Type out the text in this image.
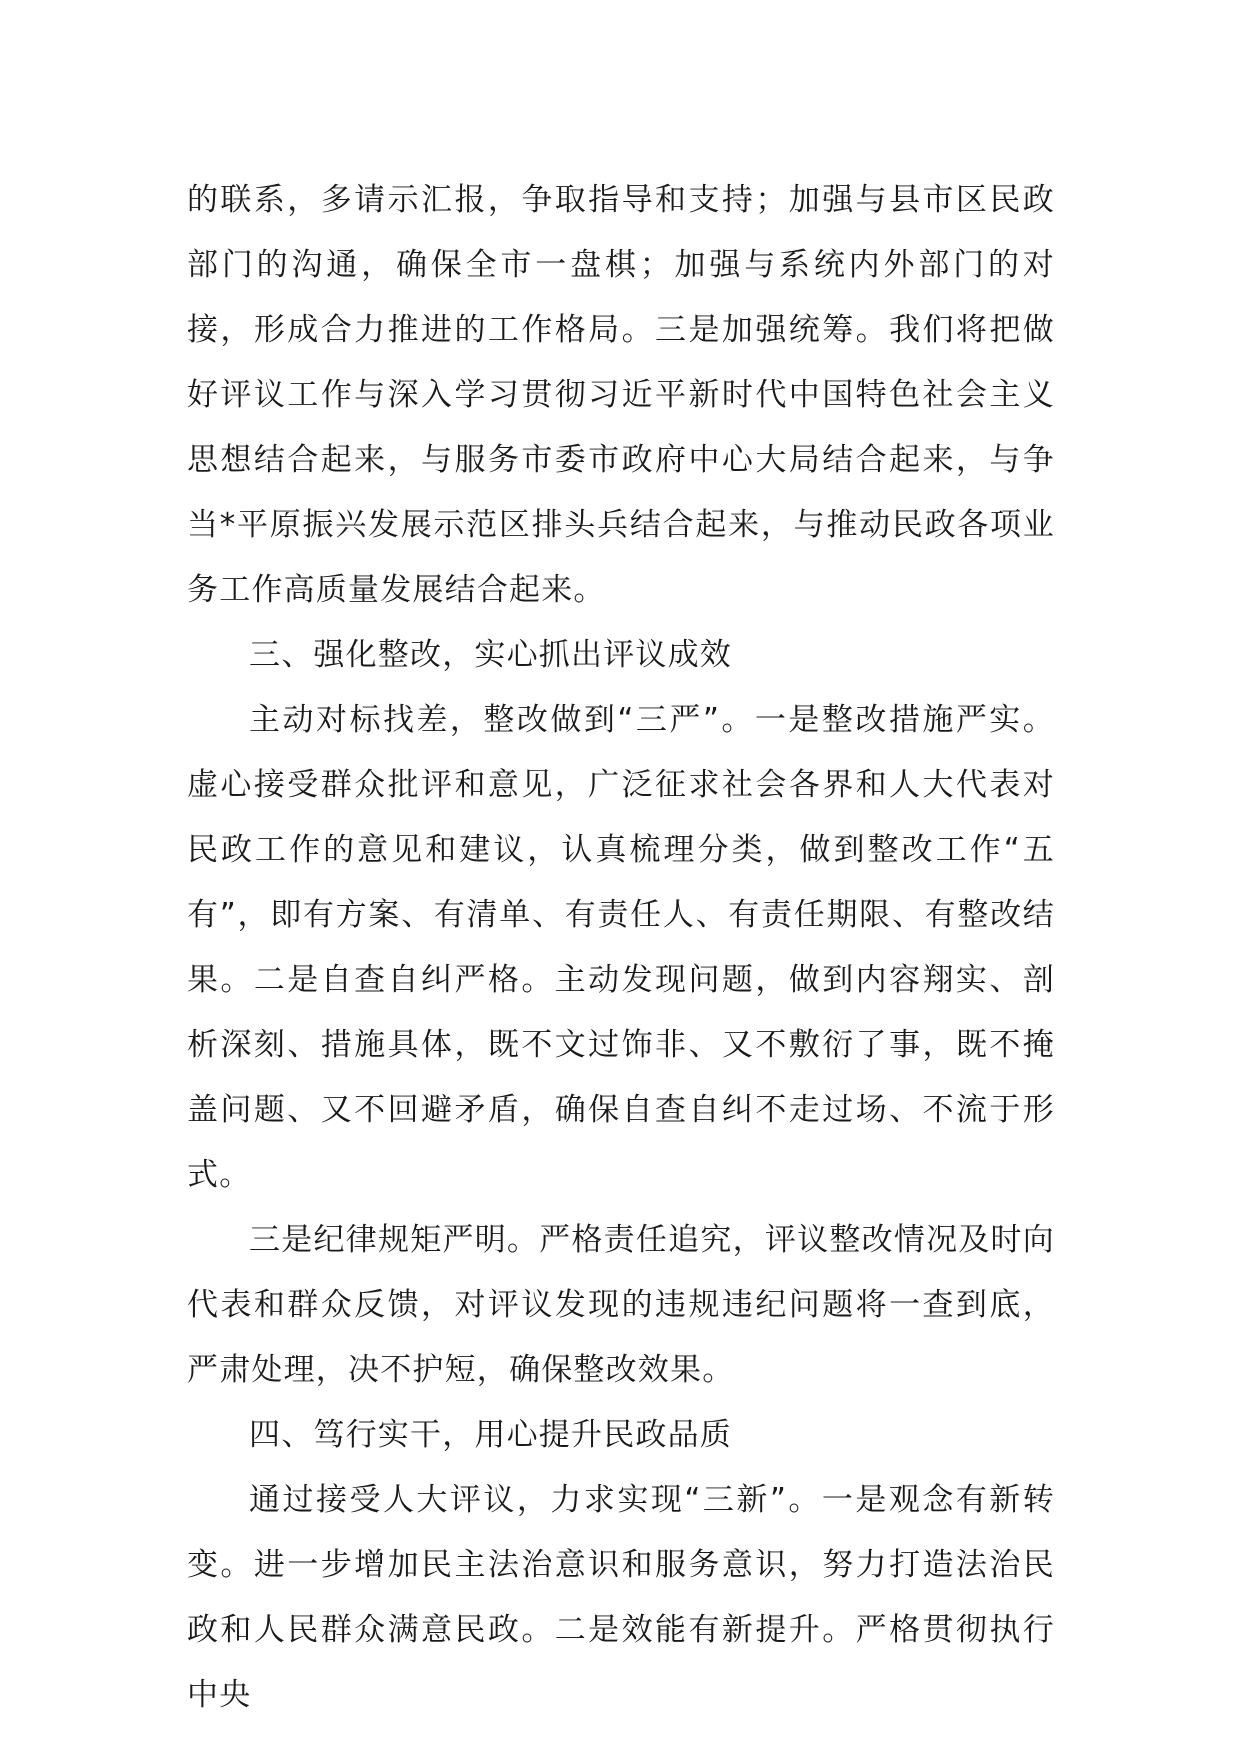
的联系，多请示汇报，争取指导和支持；加强与县市区民政部门的沟通，确保全市一盘棋；加强与系统内外部门的对接，形成合力推进的工作格局。三是加强统筹。我们将把做好评议工作与深入学习贯彻习近平新时代中国特色社会主义思想结合起来，与服务市委市政府中心大局结合起来，与争当*平原振兴发展示范区排头兵结合起来，与推动民政各项业务工作高质量发展结合起来。

三、强化整改，实心抓出评议成效

主动对标找差，整改做到“三严”。一是整改措施严实。虚心接受群众批评和意见，广泛征求社会各界和人大代表对民政工作的意见和建议，认真梳理分类，做到整改工作“五有”，即有方案、有清单、有责任人、有责任期限、有整改结果。二是自查自纠严格。主动发现问题，做到内容翔实、剖析深刻、措施具体，既不文过饰非、又不敷衍了事，既不掩盖问题、又不回避矛盾，确保自查自纠不走过场、不流于形式。

三是纪律规矩严明。严格责任追究，评议整改情况及时向代表和群众反馈，对评议发现的违规违纪问题将一查到底，严肃处理，决不护短，确保整改效果。

四、笃行实干，用心提升民政品质

通过接受人大评议，力求实现“三新”。一是观念有新转变。进一步增加民主法治意识和服务意识，努力打造法治民政和人民群众满意民政。二是效能有新提升。严格贯彻执行中央
